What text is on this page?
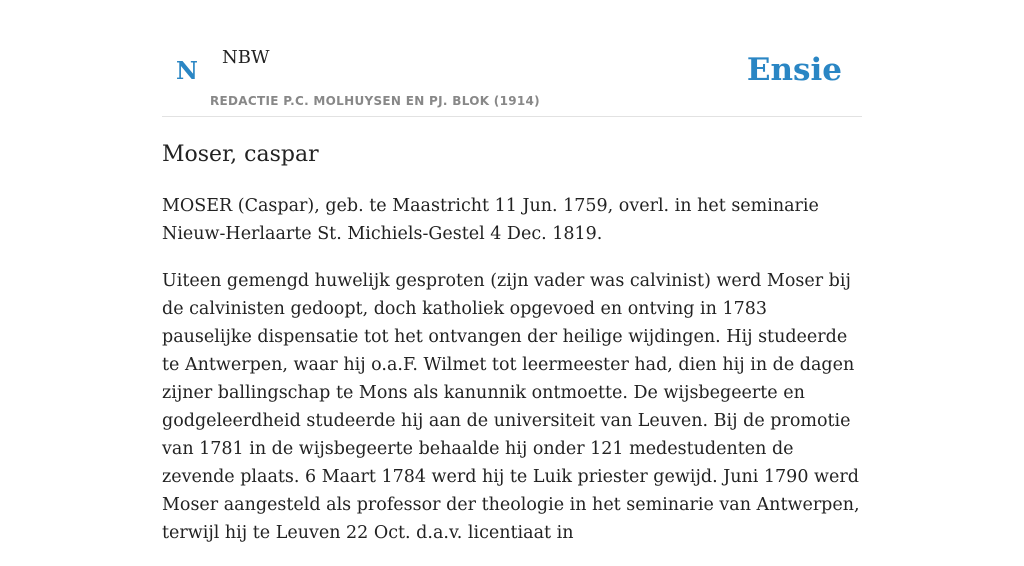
N NBW
REDACTIE P.C. MOLHUYSEN EN PJ. BLOK (1914)
Ensie
Moser, caspar

MOSER (Caspar), geb. te Maastricht 11 Jun. 1759, overl. in het seminarie Nieuw-Herlaarte St. Michiels-Gestel 4 Dec. 1819.

Uiteen gemengd huwelijk gesproten (zijn vader was calvinist) werd Moser bij de calvinisten gedoopt, doch katholiek opgevoed en ontving in 1783 pauselijke dispensatie tot het ontvangen der heilige wijdingen. Hij studeerde te Antwerpen, waar hij o.a.F. Wilmet tot leermeester had, dien hij in de dagen zijner ballingschap te Mons als kanunnik ontmoette. De wijsbegeerte en godgeleerdheid studeerde hij aan de universiteit van Leuven. Bij de promotie van 1781 in de wijsbegeerte behaalde hij onder 121 medestudenten de zevende plaats. 6 Maart 1784 werd hij te Luik priester gewijd. Juni 1790 werd Moser aangesteld als professor der theologie in het seminarie van Antwerpen, terwijl hij te Leuven 22 Oct. d.a.v. licentiaat in
